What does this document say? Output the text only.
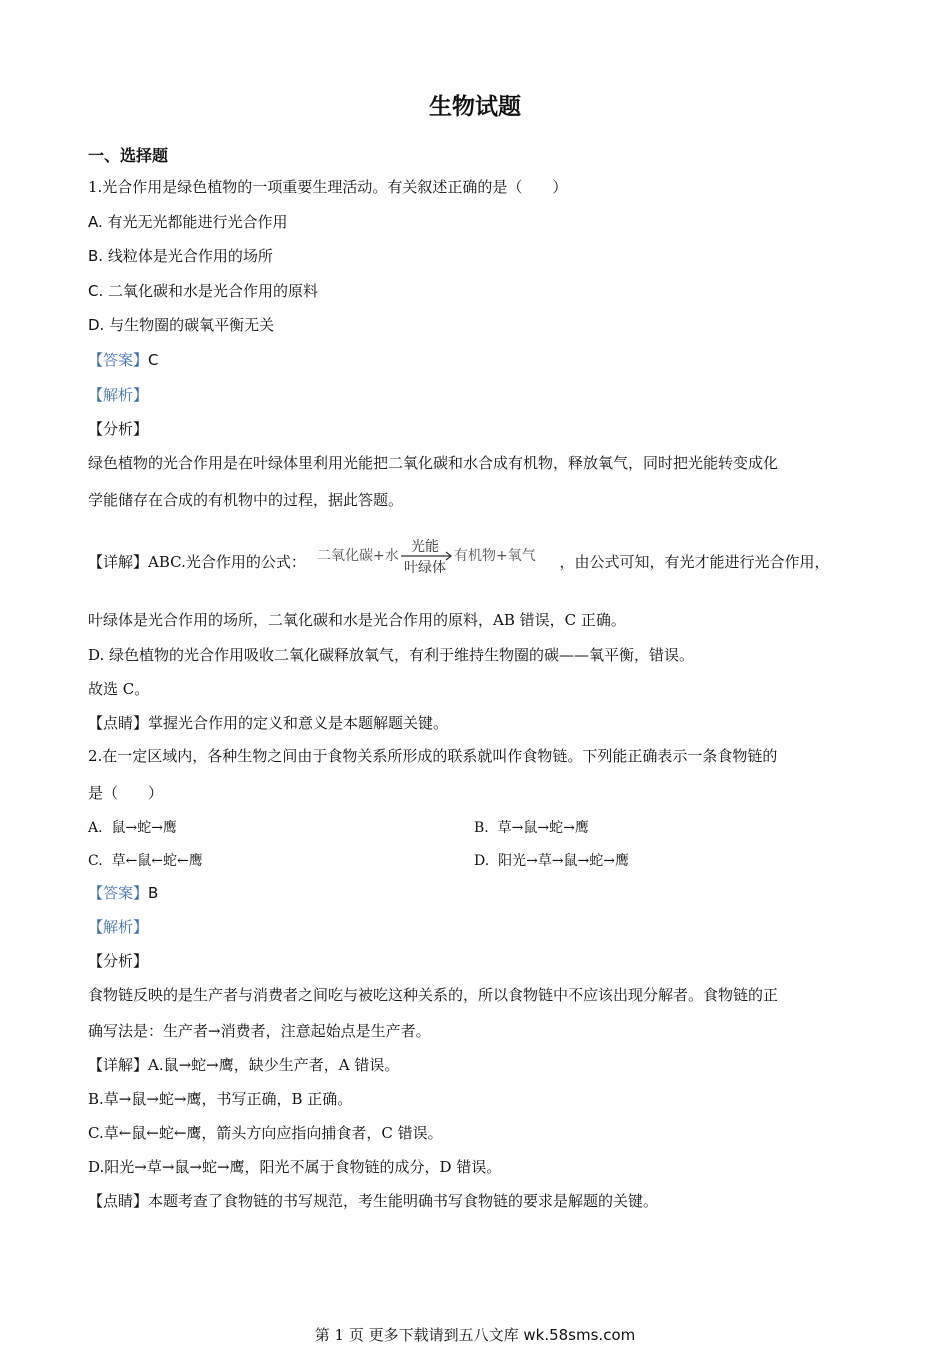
生物试题
一、选择题
1.光合作用是绿色植物的一项重要生理活动。有关叙述正确的是（　　）
A. 有光无光都能进行光合作用
B. 线粒体是光合作用的场所
C. 二氧化碳和水是光合作用的原料
D. 与生物圈的碳氧平衡无关
【答案】C
【解析】
【分析】
绿色植物的光合作用是在叶绿体里利用光能把二氧化碳和水合成有机物，释放氧气，同时把光能转变成化
学能储存在合成的有机物中的过程，据此答题。
【详解】ABC.光合作用的公式： 二氧化碳+水
光能
叶绿体
有机物+氧气 ，由公式可知，有光才能进行光合作用，
叶绿体是光合作用的场所，二氧化碳和水是光合作用的原料，AB 错误，C 正确。
D. 绿色植物的光合作用吸收二氧化碳释放氧气，有利于维持生物圈的碳——氧平衡，错误。
故选 C。
【点睛】掌握光合作用的定义和意义是本题解题关键。
2.在一定区域内，各种生物之间由于食物关系所形成的联系就叫作食物链。下列能正确表示一条食物链的
是（　　）
A. 鼠→蛇→鹰	B. 草→鼠→蛇→鹰
C. 草←鼠←蛇←鹰	D. 阳光→草→鼠→蛇→鹰
【答案】B
【解析】
【分析】
食物链反映的是生产者与消费者之间吃与被吃这种关系的，所以食物链中不应该出现分解者。食物链的正
确写法是：生产者→消费者，注意起始点是生产者。
【详解】A.鼠→蛇→鹰，缺少生产者，A 错误。
B.草→鼠→蛇→鹰，书写正确，B 正确。
C.草←鼠←蛇←鹰，箭头方向应指向捕食者，C 错误。
D.阳光→草→鼠→蛇→鹰，阳光不属于食物链的成分，D 错误。
【点睛】本题考查了食物链的书写规范，考生能明确书写食物链的要求是解题的关键。
第 1 页 更多下载请到五八文库 wk.58sms.com
